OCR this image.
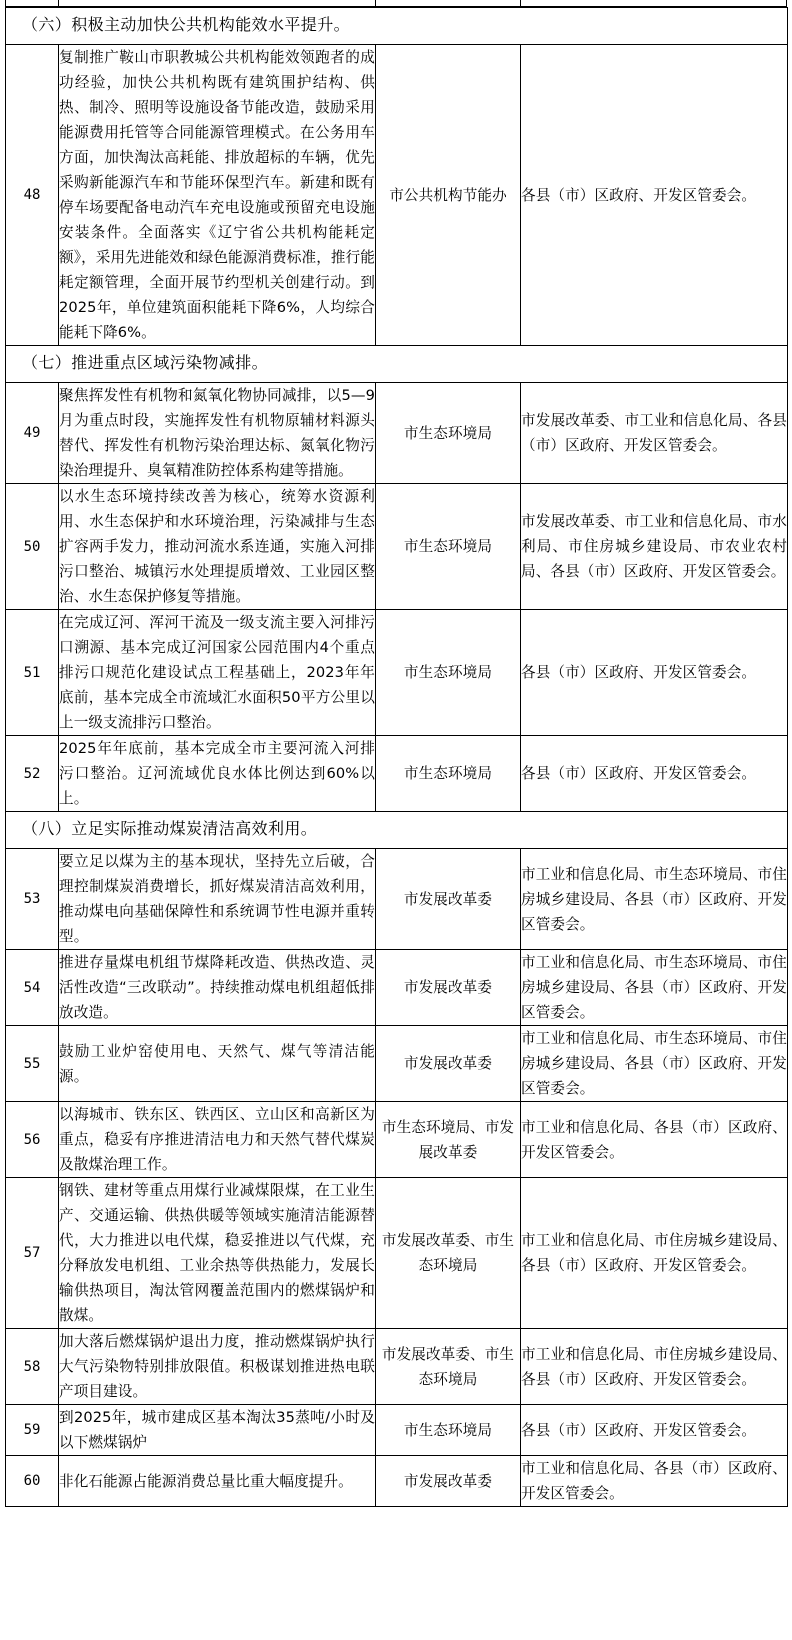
（六）积极主动加快公共机构能效水平提升。			

48	复制推广鞍山市职教城公共机构能效领跑者的成功经验，加快公共机构既有建筑围护结构、供热、制冷、照明等设施设备节能改造，鼓励采用能源费用托管等合同能源管理模式。在公务用车方面，加快淘汰高耗能、排放超标的车辆，优先采购新能源汽车和节能环保型汽车。新建和既有停车场要配备电动汽车充电设施或预留充电设施安装条件。全面落实《辽宁省公共机构能耗定额》，采用先进能效和绿色能源消费标准，推行能耗定额管理，全面开展节约型机关创建行动。到2025年，单位建筑面积能耗下降6%，人均综合能耗下降6%。	市公共机构节能办	各县（市）区政府、开发区管委会。

（七）推进重点区域污染物减排。			

49	聚焦挥发性有机物和氮氧化物协同减排，以5—9月为重点时段，实施挥发性有机物原辅材料源头替代、挥发性有机物污染治理达标、氮氧化物污染治理提升、臭氧精准防控体系构建等措施。	市生态环境局	市发展改革委、市工业和信息化局、各县（市）区政府、开发区管委会。
50	以水生态环境持续改善为核心，统筹水资源利用、水生态保护和水环境治理，污染减排与生态扩容两手发力，推动河流水系连通，实施入河排污口整治、城镇污水处理提质增效、工业园区整治、水生态保护修复等措施。	市生态环境局	市发展改革委、市工业和信息化局、市水利局、市住房城乡建设局、市农业农村局、各县（市）区政府、开发区管委会。
51	在完成辽河、浑河干流及一级支流主要入河排污口溯源、基本完成辽河国家公园范围内4个重点排污口规范化建设试点工程基础上，2023年年底前，基本完成全市流域汇水面积50平方公里以上一级支流排污口整治。	市生态环境局	各县（市）区政府、开发区管委会。
52	2025年年底前，基本完成全市主要河流入河排污口整治。辽河流域优良水体比例达到60%以上。	市生态环境局	各县（市）区政府、开发区管委会。

（八）立足实际推动煤炭清洁高效利用。			

53	要立足以煤为主的基本现状，坚持先立后破，合理控制煤炭消费增长，抓好煤炭清洁高效利用，推动煤电向基础保障性和系统调节性电源并重转型。	市发展改革委	市工业和信息化局、市生态环境局、市住房城乡建设局、各县（市）区政府、开发区管委会。
54	推进存量煤电机组节煤降耗改造、供热改造、灵活性改造“三改联动”。持续推动煤电机组超低排放改造。	市发展改革委	市工业和信息化局、市生态环境局、市住房城乡建设局、各县（市）区政府、开发区管委会。
55	鼓励工业炉窑使用电、天然气、煤气等清洁能源。	市发展改革委	市工业和信息化局、市生态环境局、市住房城乡建设局、各县（市）区政府、开发区管委会。
56	以海城市、铁东区、铁西区、立山区和高新区为重点，稳妥有序推进清洁电力和天然气替代煤炭及散煤治理工作。	市生态环境局、市发展改革委	市工业和信息化局、各县（市）区政府、开发区管委会。
57	钢铁、建材等重点用煤行业减煤限煤，在工业生产、交通运输、供热供暖等领域实施清洁能源替代，大力推进以电代煤，稳妥推进以气代煤，充分释放发电机组、工业余热等供热能力，发展长输供热项目，淘汰管网覆盖范围内的燃煤锅炉和散煤。	市发展改革委、市生态环境局	市工业和信息化局、市住房城乡建设局、各县（市）区政府、开发区管委会。
58	加大落后燃煤锅炉退出力度，推动燃煤锅炉执行大气污染物特别排放限值。积极谋划推进热电联产项目建设。	市发展改革委、市生态环境局	市工业和信息化局、市住房城乡建设局、各县（市）区政府、开发区管委会。
59	到2025年，城市建成区基本淘汰35蒸吨/小时及以下燃煤锅炉	市生态环境局	各县（市）区政府、开发区管委会。
60	非化石能源占能源消费总量比重大幅度提升。	市发展改革委	市工业和信息化局、各县（市）区政府、开发区管委会。
